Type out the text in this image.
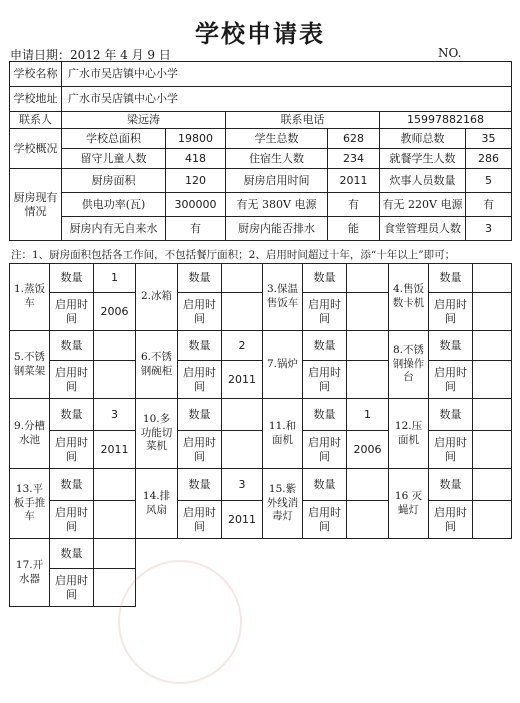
学校申请表
申请日期：2012 年 4 月 9 日	NO.
学校名称	广水市吴店镇中心小学					
学校地址	广水市吴店镇中心小学					
联系人	梁远涛		联系电话		15997882168	
学校概况	学校总面积	19800	学生总数	628	教师总数	35
	留守儿童人数	418	住宿生人数	234	就餐学生人数	286
厨房现有情况	厨房面积	120	厨房启用时间	2011	炊事人员数量	5
	供电功率(瓦)	300000	有无 380V 电源	有	有无 220V 电源	有
	厨房内有无自来水	有	厨房内能否排水	能	食堂管理员人数	3
注：1、厨房面积包括各工作间，不包括餐厅面积；2、启用时间超过十年，添“十年以上”即可；
1.蒸饭车	数量	1	2.冰箱	数量		3.保温售饭车	数量		4.售饭数卡机	数量	
	启用时间	2006		启用时间			启用时间			启用时间	
5.不锈钢菜架	数量		6.不锈钢碗柜	数量	2	7.锅炉	数量		8.不锈钢操作台	数量	
	启用时间			启用时间	2011		启用时间			启用时间	
9.分槽水池	数量	3	10.多功能切菜机	数量		11.和面机	数量	1	12.压面机	数量	
	启用时间	2011		启用时间			启用时间	2006		启用时间	
13.平板手推车	数量		14.排风扇	数量	3	15.紫外线消毒灯	数量		16 灭蝇灯	数量	
	启用时间			启用时间	2011		启用时间			启用时间	
17.开水器	数量										
	启用时间										
